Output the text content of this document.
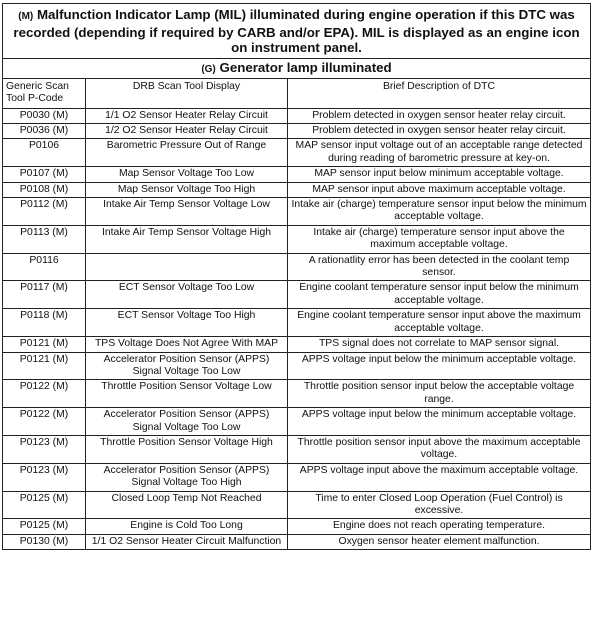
(M) Malfunction Indicator Lamp (MIL) illuminated during engine operation if this DTC was recorded (depending if required by CARB and/or EPA). MIL is displayed as an engine icon on instrument panel.		
(G) Generator lamp illuminated		
Generic Scan Tool P-Code	DRB Scan Tool Display	Brief Description of DTC
P0030 (M)	1/1 O2 Sensor Heater Relay Circuit	Problem detected in oxygen sensor heater relay circuit.
P0036 (M)	1/2 O2 Sensor Heater Relay Circuit	Problem detected in oxygen sensor heater relay circuit.
P0106	Barometric Pressure Out of Range	MAP sensor input voltage out of an acceptable range detected during reading of barometric pressure at key-on.
P0107 (M)	Map Sensor Voltage Too Low	MAP sensor input below minimum acceptable voltage.
P0108 (M)	Map Sensor Voltage Too High	MAP sensor input above maximum acceptable voltage.
P0112 (M)	Intake Air Temp Sensor Voltage Low	Intake air (charge) temperature sensor input below the minimum acceptable voltage.
P0113 (M)	Intake Air Temp Sensor Voltage High	Intake air (charge) temperature sensor input above the maximum acceptable voltage.
P0116		A rationatlity error has been detected in the coolant temp sensor.
P0117 (M)	ECT Sensor Voltage Too Low	Engine coolant temperature sensor input below the minimum acceptable voltage.
P0118 (M)	ECT Sensor Voltage Too High	Engine coolant temperature sensor input above the maximum acceptable voltage.
P0121 (M)	TPS Voltage Does Not Agree With MAP	TPS signal does not correlate to MAP sensor signal.
P0121 (M)	Accelerator Position Sensor (APPS) Signal Voltage Too Low	APPS voltage input below the minimum acceptable voltage.
P0122 (M)	Throttle Position Sensor Voltage Low	Throttle position sensor input below the acceptable voltage range.
P0122 (M)	Accelerator Position Sensor (APPS) Signal Voltage Too Low	APPS voltage input below the minimum acceptable voltage.
P0123 (M)	Throttle Position Sensor Voltage High	Throttle position sensor input above the maximum acceptable voltage.
P0123 (M)	Accelerator Position Sensor (APPS) Signal Voltage Too High	APPS voltage input above the maximum acceptable voltage.
P0125 (M)	Closed Loop Temp Not Reached	Time to enter Closed Loop Operation (Fuel Control) is excessive.
P0125 (M)	Engine is Cold Too Long	Engine does not reach operating temperature.
P0130 (M)	1/1 O2 Sensor Heater Circuit Malfunction	Oxygen sensor heater element malfunction.
